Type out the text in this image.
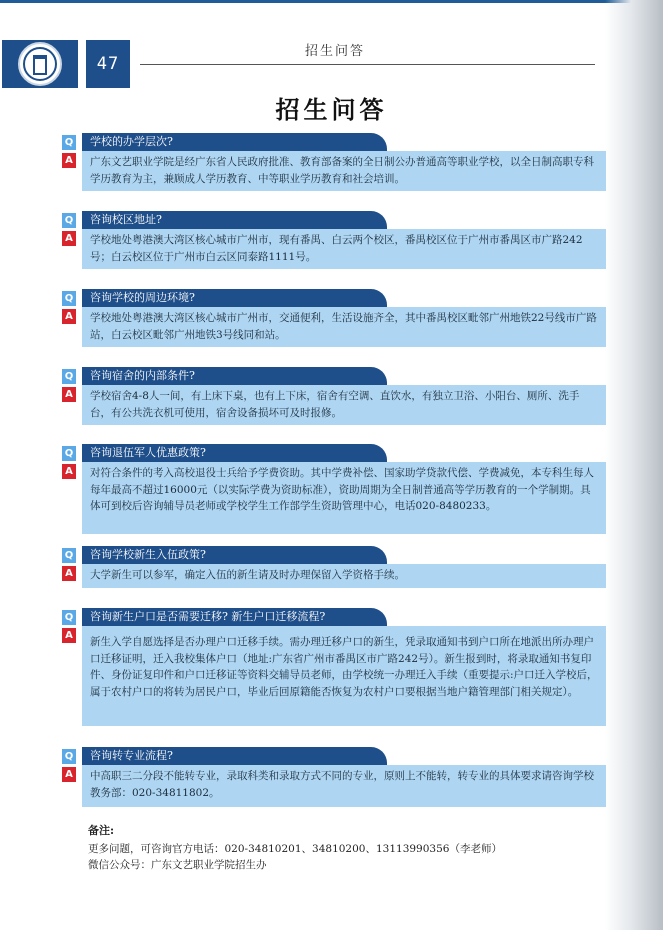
47
招生问答
招生问答
Q	学校的办学层次?
A	广东文艺职业学院是经广东省人民政府批准、教育部备案的全日制公办普通高等职业学校，以全日制高职专科学历教育为主，兼顾成人学历教育、中等职业学历教育和社会培训。
Q	咨询校区地址?
A	学校地处粤港澳大湾区核心城市广州市，现有番禺、白云两个校区，番禺校区位于广州市番禺区市广路242号；白云校区位于广州市白云区同泰路1111号。
Q	咨询学校的周边环境?
A	学校地处粤港澳大湾区核心城市广州市，交通便利，生活设施齐全，其中番禺校区毗邻广州地铁22号线市广路站，白云校区毗邻广州地铁3号线同和站。
Q	咨询宿舍的内部条件?
A	学校宿舍4-8人一间，有上床下桌，也有上下床，宿舍有空调、直饮水，有独立卫浴、小阳台、厕所、洗手台，有公共洗衣机可使用，宿舍设备损坏可及时报修。
Q	咨询退伍军人优惠政策?
A	对符合条件的考入高校退役士兵给予学费资助。其中学费补偿、国家助学贷款代偿、学费减免，本专科生每人每年最高不超过16000元（以实际学费为资助标准），资助周期为全日制普通高等学历教育的一个学制期。具体可到校后咨询辅导员老师或学校学生工作部学生资助管理中心，电话020-8480233。
Q	咨询学校新生入伍政策?
A	大学新生可以参军，确定入伍的新生请及时办理保留入学资格手续。
Q	咨询新生户口是否需要迁移? 新生户口迁移流程?
A
新生入学自愿选择是否办理户口迁移手续。需办理迁移户口的新生，凭录取通知书到户口所在地派出所办理户口迁移证明，迁入我校集体户口（地址:广东省广州市番禺区市广路242号）。新生报到时，将录取通知书复印件、身份证复印件和户口迁移证等资料交辅导员老师，由学校统一办理迁入手续（重要提示:户口迁入学校后，属于农村户口的将转为居民户口，毕业后回原籍能否恢复为农村户口要根据当地户籍管理部门相关规定）。
Q	咨询转专业流程?
A	中高职三二分段不能转专业，录取科类和录取方式不同的专业，原则上不能转，转专业的具体要求请咨询学校教务部：020-34811802。
备注:
更多问题，可咨询官方电话：020-34810201、34810200、13113990356（李老师）
微信公众号：广东文艺职业学院招生办
